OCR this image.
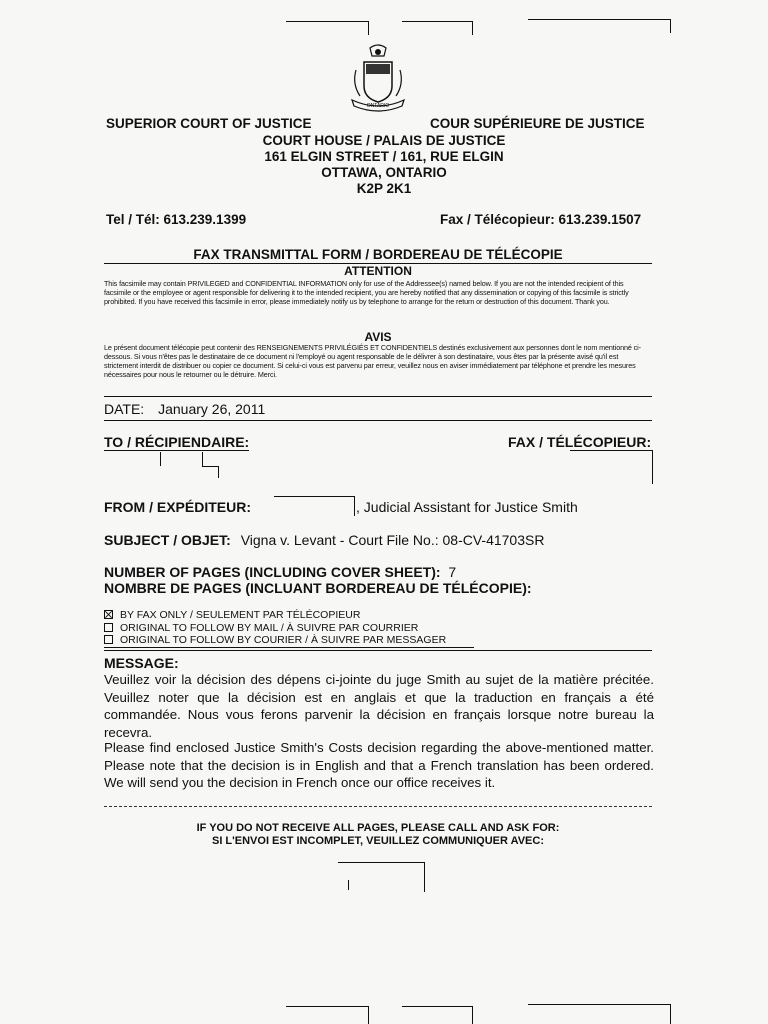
ONTARIO
SUPERIOR COURT OF JUSTICE	COUR SUPÉRIEURE DE JUSTICE
COURT HOUSE / PALAIS DE JUSTICE
161 ELGIN STREET / 161, RUE ELGIN
OTTAWA, ONTARIO
K2P 2K1
Tel / Tél: 613.239.1399	Fax / Télécopieur: 613.239.1507
FAX TRANSMITTAL FORM / BORDEREAU DE TÉLÉCOPIE
ATTENTION
This facsimile may contain PRIVILEGED and CONFIDENTIAL INFORMATION only for use of the Addressee(s) named below. If you are not the intended recipient of this facsimile or the employee or agent responsible for delivering it to the intended recipient, you are hereby notified that any dissemination or copying of this facsimile is strictly prohibited. If you have received this facsimile in error, please immediately notify us by telephone to arrange for the return or destruction of this document. Thank you.
AVIS
Le présent document télécopie peut contenir des RENSEIGNEMENTS PRIVILÉGIÉS ET CONFIDENTIELS destinés exclusivement aux personnes dont le nom mentionné ci-dessous. Si vous n'êtes pas le destinataire de ce document ni l'employé ou agent responsable de le délivrer à son destinataire, vous êtes par la présente avisé qu'il est strictement interdit de distribuer ou copier ce document. Si celui-ci vous est parvenu par erreur, veuillez nous en aviser immédiatement par téléphone et prendre les mesures nécessaires pour nous le retourner ou le détruire. Merci.
DATE: January 26, 2011
TO / RÉCIPIENDAIRE:	FAX / TÉLÉCOPIEUR:
FROM / EXPÉDITEUR:	, Judicial Assistant for Justice Smith
SUBJECT / OBJET: Vigna v. Levant - Court File No.: 08-CV-41703SR
NUMBER OF PAGES (INCLUDING COVER SHEET): 7
NOMBRE DE PAGES (INCLUANT BORDEREAU DE TÉLÉCOPIE):
BY FAX ONLY / SEULEMENT PAR TÉLÉCOPIEUR
ORIGINAL TO FOLLOW BY MAIL / À SUIVRE PAR COURRIER
ORIGINAL TO FOLLOW BY COURIER / À SUIVRE PAR MESSAGER
MESSAGE:
Veuillez voir la décision des dépens ci-jointe du juge Smith au sujet de la matière précitée. Veuillez noter que la décision est en anglais et que la traduction en français a été commandée. Nous vous ferons parvenir la décision en français lorsque notre bureau la recevra.
Please find enclosed Justice Smith's Costs decision regarding the above-mentioned matter. Please note that the decision is in English and that a French translation has been ordered. We will send you the decision in French once our office receives it.
IF YOU DO NOT RECEIVE ALL PAGES, PLEASE CALL AND ASK FOR:
SI L'ENVOI EST INCOMPLET, VEUILLEZ COMMUNIQUER AVEC:
